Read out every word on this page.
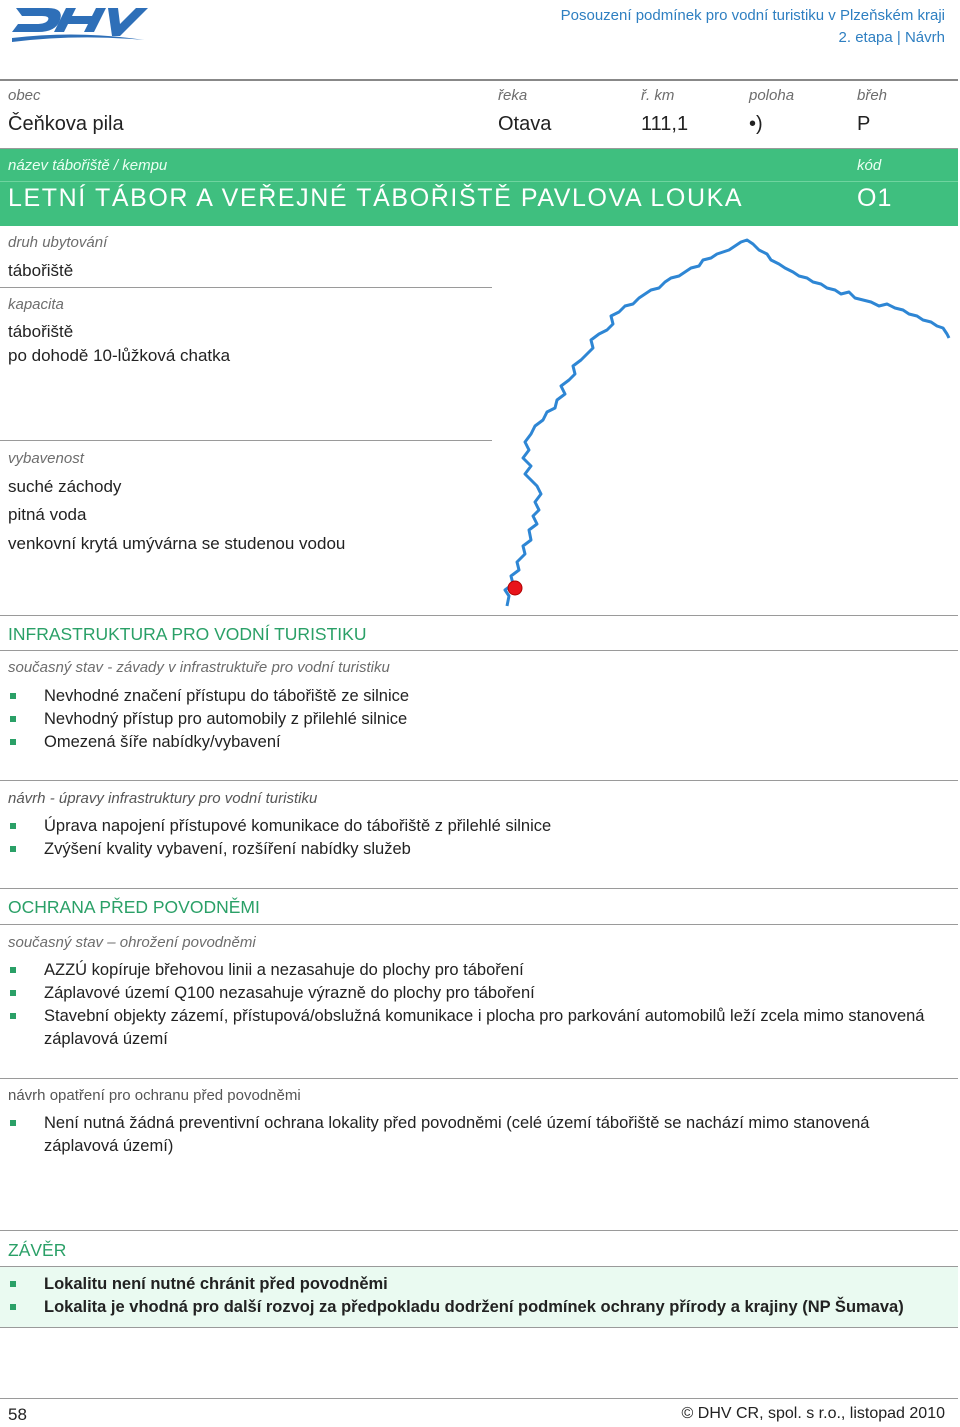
Posouzení podmínek pro vodní turistiku v Plzeňském kraji
2. etapa | Návrh
obec	řeka	ř. km	poloha	břeh
Čeňkova pila	Otava	111,1	•)	P
název tábořiště / kempu	kód
LETNÍ TÁBOR A VEŘEJNÉ TÁBOŘIŠTĚ PAVLOVA LOUKA	O1
druh ubytování
tábořiště
kapacita
tábořiště
po dohodě 10-lůžková chatka
vybavenost
suché záchody
pitná voda
venkovní krytá umývárna se studenou vodou
INFRASTRUKTURA PRO VODNÍ TURISTIKU
současný stav - závady v infrastruktuře pro vodní turistiku
Nevhodné značení přístupu do tábořiště ze silnice
Nevhodný přístup pro automobily z přilehlé silnice
Omezená šíře nabídky/vybavení
návrh - úpravy infrastruktury pro vodní turistiku
Úprava napojení přístupové komunikace do tábořiště z přilehlé silnice
Zvýšení kvality vybavení, rozšíření nabídky služeb
OCHRANA PŘED POVODNĚMI
současný stav – ohrožení povodněmi
AZZÚ kopíruje břehovou linii a nezasahuje do plochy pro táboření
Záplavové území Q100 nezasahuje výrazně do plochy pro táboření
Stavební objekty zázemí, přístupová/obslužná komunikace i plocha pro parkování automobilů leží zcela mimo stanovená záplavová území
návrh opatření pro ochranu před povodněmi
Není nutná žádná preventivní ochrana lokality před povodněmi (celé území tábořiště se nachází mimo stanovená záplavová území)
ZÁVĚR
Lokalitu není nutné chránit před povodněmi
Lokalita je vhodná pro další rozvoj za předpokladu dodržení podmínek ochrany přírody a krajiny (NP Šumava)
58	© DHV CR, spol. s r.o., listopad 2010
